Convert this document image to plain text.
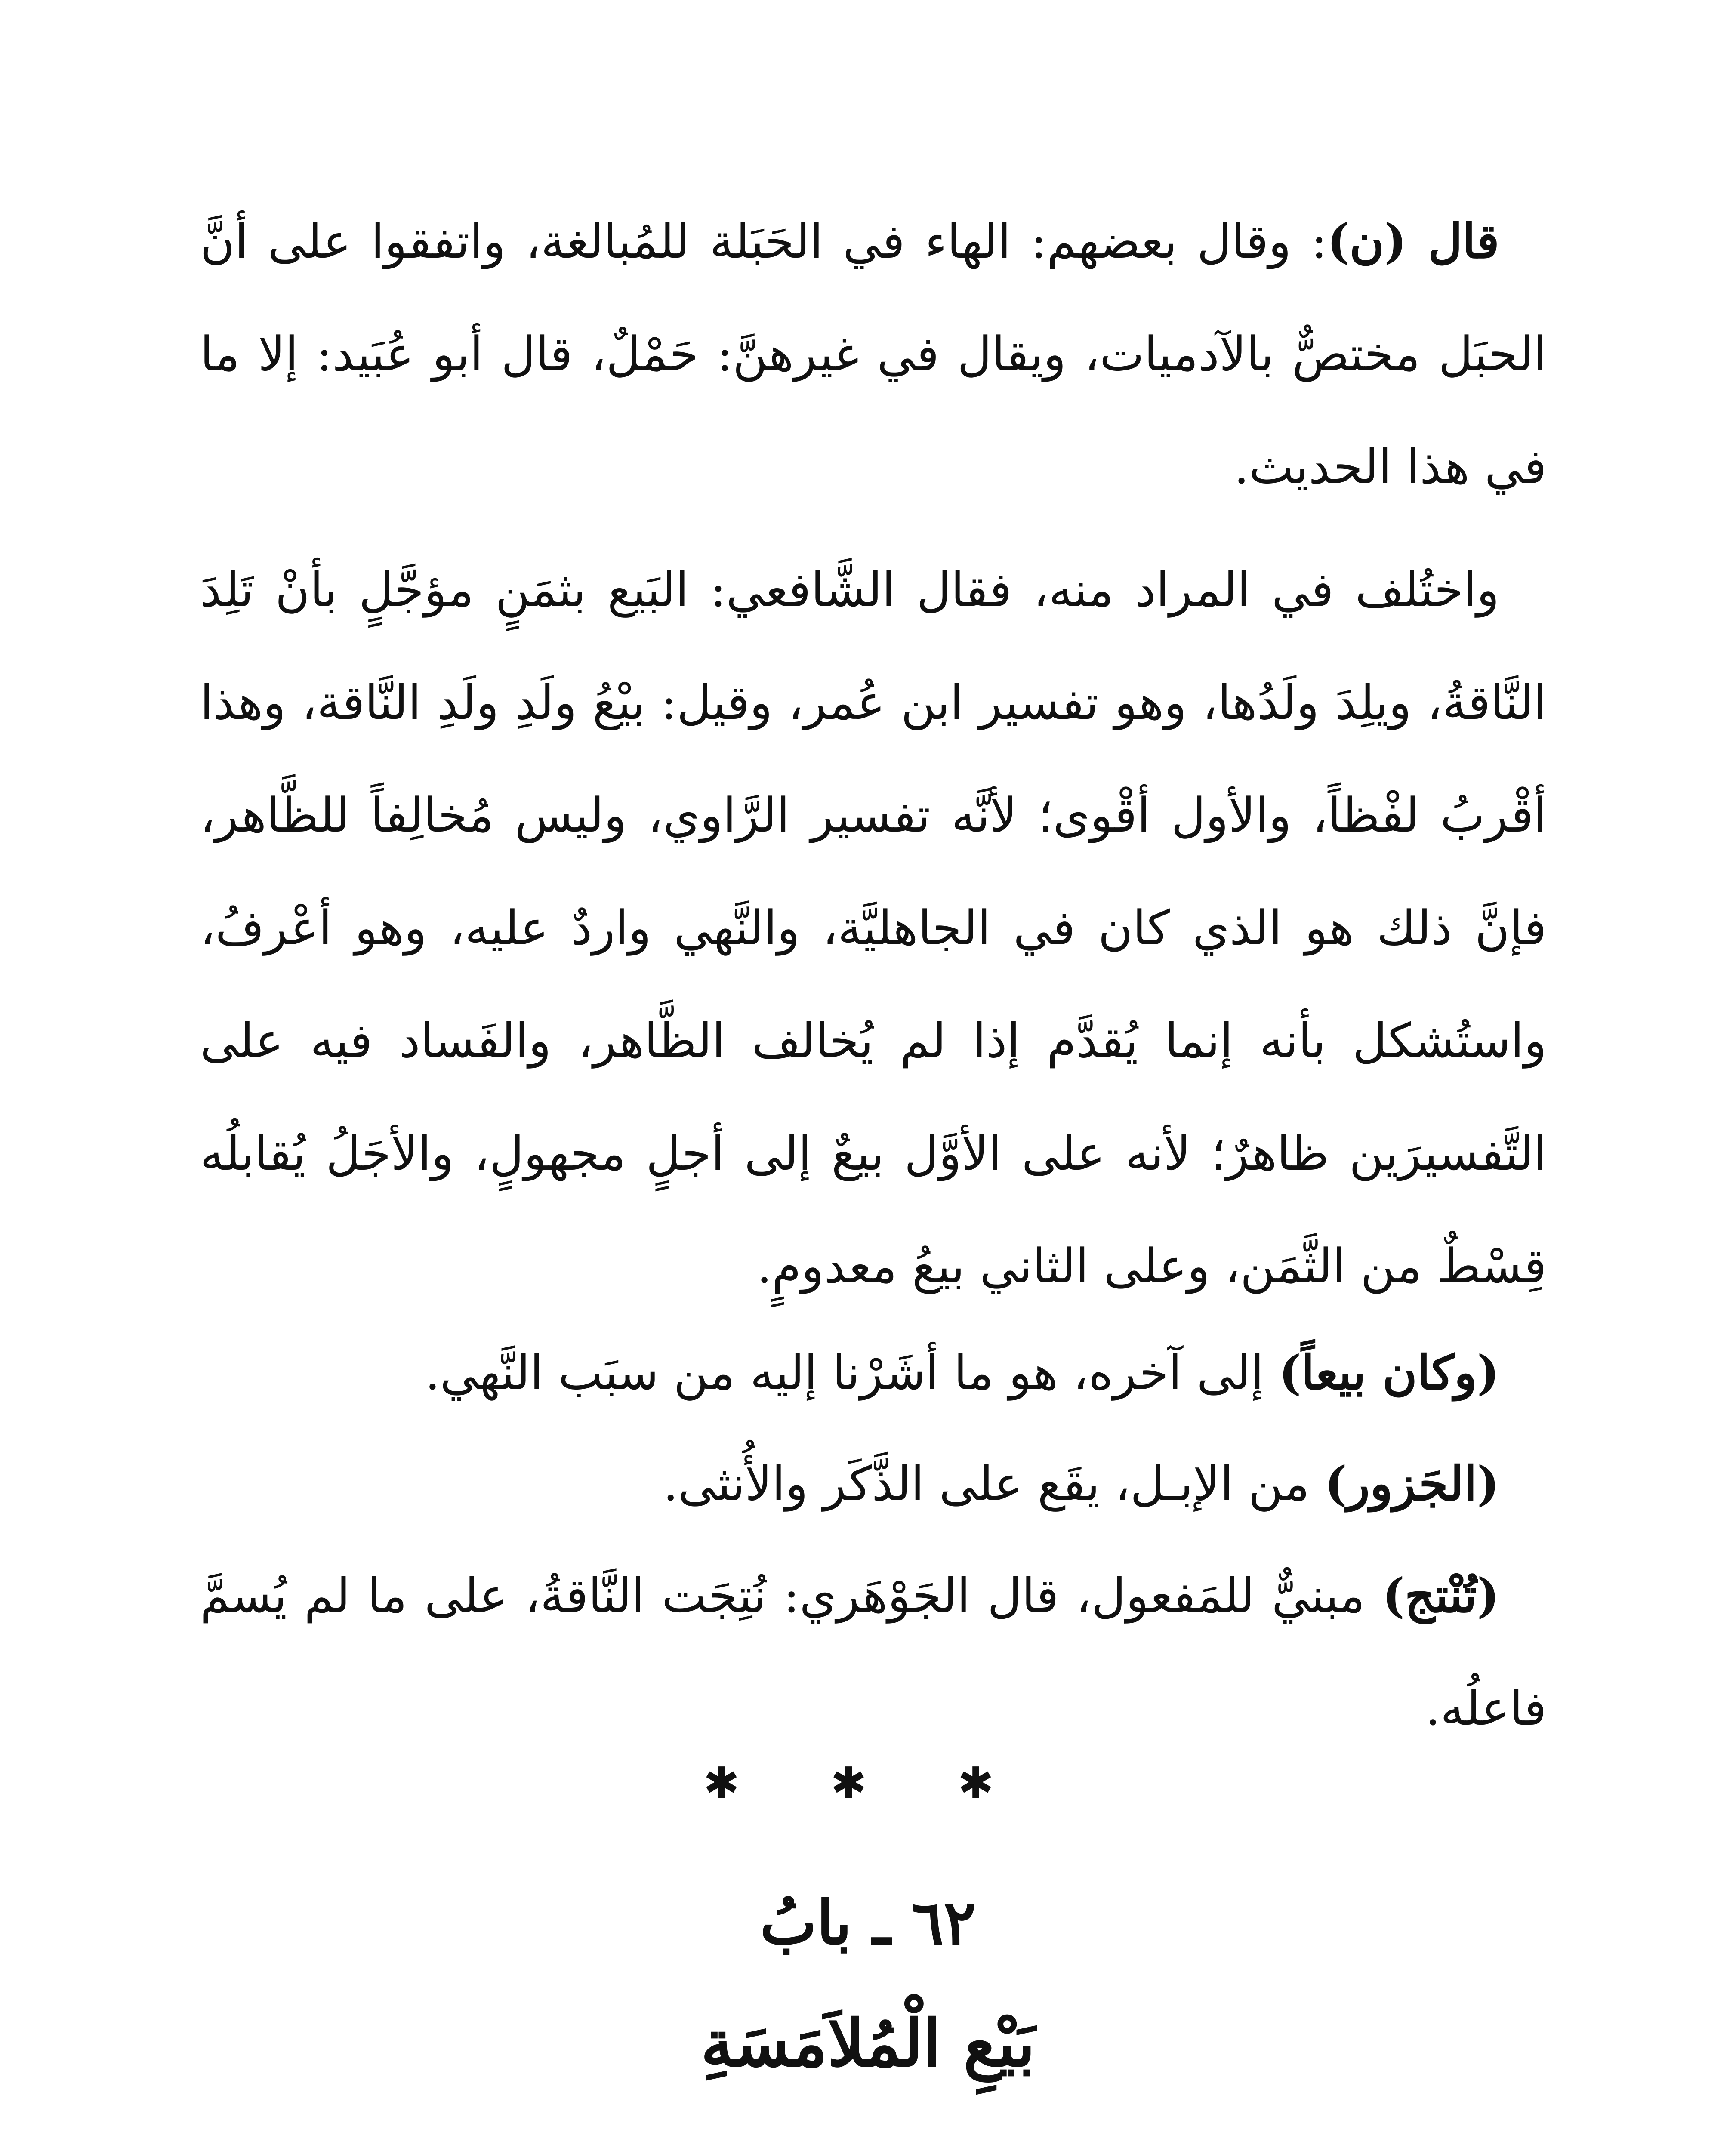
قال (ن): وقال بعضهم: الهاء في الحَبَلة للمُبالغة، واتفقوا على أنَّ الحبَل مختصٌّ بالآدميات، ويقال في غيرهنَّ: حَمْلٌ، قال أبو عُبَيد: إلا ما في هذا الحديث.

واختُلف في المراد منه، فقال الشَّافعي: البَيع بثمَنٍ مؤجَّلٍ بأنْ تَلِدَ النَّاقةُ، ويلِدَ ولَدُها، وهو تفسير ابن عُمر، وقيل: بيْعُ ولَدِ ولَدِ النَّاقة، وهذا أقْربُ لفْظاً، والأول أقْوى؛ لأنَّه تفسير الرَّاوي، وليس مُخالِفاً للظَّاهر، فإنَّ ذلك هو الذي كان في الجاهليَّة، والنَّهي واردٌ عليه، وهو أعْرفُ، واستُشكل بأنه إنما يُقدَّم إذا لم يُخالف الظَّاهر، والفَساد فيه على التَّفسيرَين ظاهرٌ؛ لأنه على الأوَّل بيعٌ إلى أجلٍ مجهولٍ، والأجَلُ يُقابلُه قِسْطٌ من الثَّمَن، وعلى الثاني بيعُ معدومٍ.

(وكان بيعاً) إلى آخره، هو ما أشَرْنا إليه من سبَب النَّهي.

(الجَزور) من الإبـل، يقَع على الذَّكَر والأُنثى.

(تُنْتج) مبنيٌّ للمَفعول، قال الجَوْهَري: نُتِجَت النَّاقةُ، على ما لم يُسمَّ فاعلُه.

✱ ✱ ✱
٦٢ ـ بابُ
بَيْعِ الْمُلاَمَسَةِ
